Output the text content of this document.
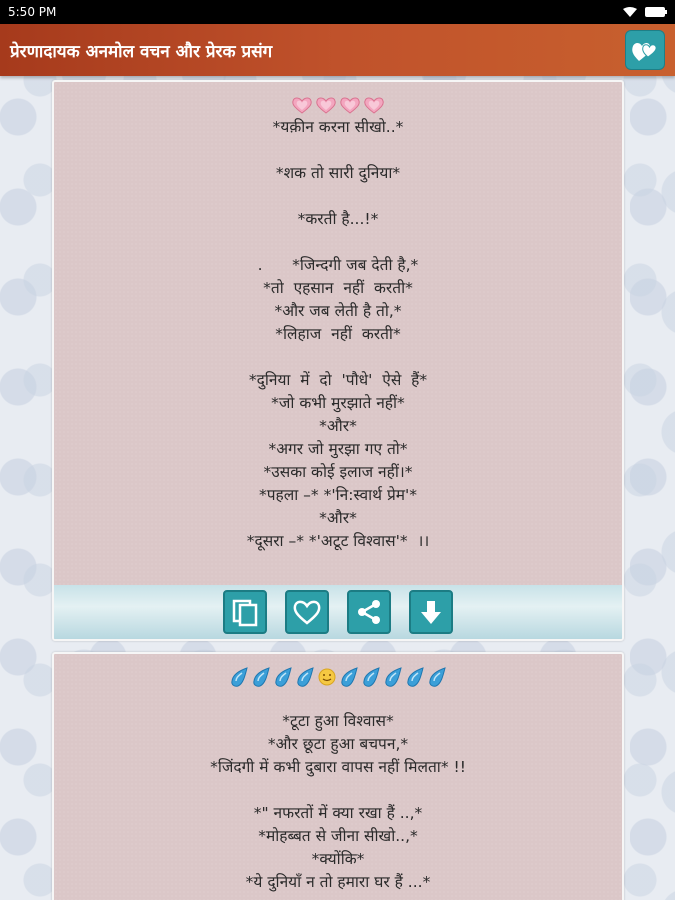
5:50 PM
प्रेरणादायक अनमोल वचन और प्रेरक प्रसंग
*यक़ीन करना सीखो..*

*शक तो सारी दुनिया*

*करती है...!*

.      *जिन्दगी जब देती है,*
*तो  एहसान  नहीं  करती*
*और जब लेती है तो,*
*लिहाज  नहीं  करती*

*दुनिया  में  दो  'पौधे'  ऐसे  हैं*
*जो कभी मुरझाते नहीं*
*और*
*अगर जो मुरझा गए तो*
*उसका कोई इलाज नहीं।*
*पहला –* *'नि:स्वार्थ प्रेम'*
*और*
*दूसरा –* *'अटूट विश्वास'*  ।।
*टूटा हुआ विश्वास*
*और छूटा हुआ बचपन,*
*जिंदगी में कभी दुबारा वापस नहीं मिलता* !!

*" नफरतों में क्या रखा हैं ..,*
*मोहब्बत से जीना सीखो..,*
*क्योंकि*
*ये दुनियाँ न तो हमारा घर हैं ...*
